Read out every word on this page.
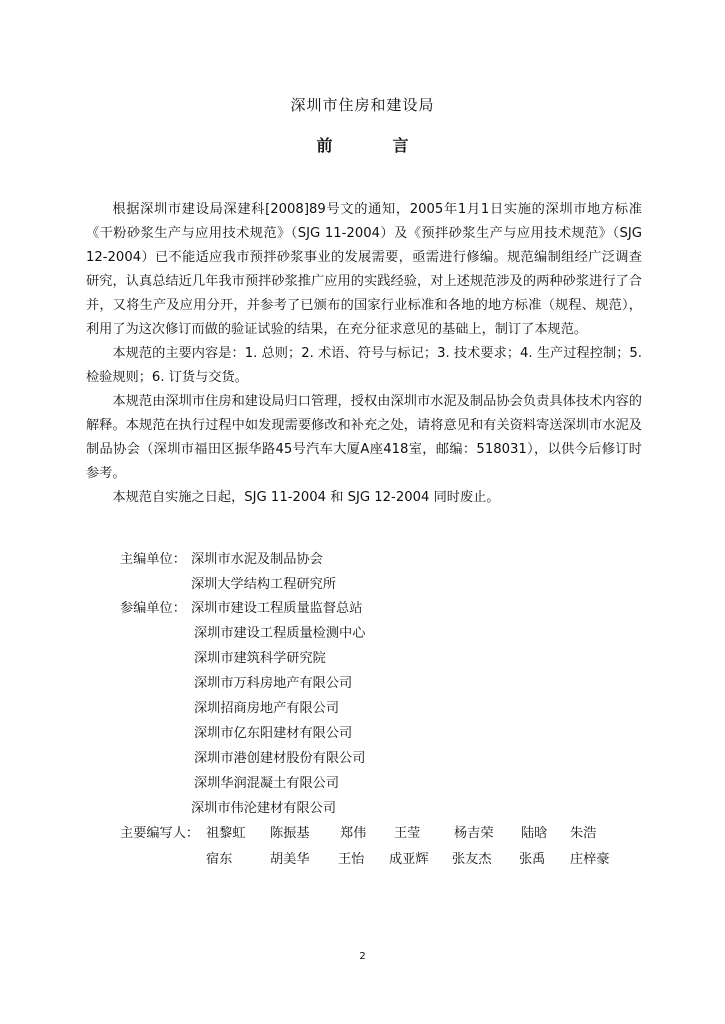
深圳市住房和建设局
前	言

根据深圳市建设局深建科[2008]89号文的通知，2005年1月1日实施的深圳市地方标准《干粉砂浆生产与应用技术规范》（SJG 11-2004）及《预拌砂浆生产与应用技术规范》（SJG 12-2004）已不能适应我市预拌砂浆事业的发展需要，亟需进行修编。规范编制组经广泛调查研究，认真总结近几年我市预拌砂浆推广应用的实践经验，对上述规范涉及的两种砂浆进行了合并，又将生产及应用分开，并参考了已颁布的国家行业标准和各地的地方标准（规程、规范），利用了为这次修订而做的验证试验的结果，在充分征求意见的基础上，制订了本规范。

本规范的主要内容是：1. 总则；2. 术语、符号与标记；3. 技术要求；4. 生产过程控制；5. 检验规则；6. 订货与交货。

本规范由深圳市住房和建设局归口管理，授权由深圳市水泥及制品协会负责具体技术内容的解释。本规范在执行过程中如发现需要修改和补充之处，请将意见和有关资料寄送深圳市水泥及制品协会（深圳市福田区振华路45号汽车大厦A座418室，邮编：518031），以供今后修订时参考。

本规范自实施之日起，SJG 11-2004 和 SJG 12-2004 同时废止。

主编单位： 深圳市水泥及制品协会
深圳大学结构工程研究所
参编单位： 深圳市建设工程质量监督总站
深圳市建设工程质量检测中心
深圳市建筑科学研究院
深圳市万科房地产有限公司
深圳招商房地产有限公司
深圳市亿东阳建材有限公司
深圳市港创建材股份有限公司
深圳华润混凝土有限公司
深圳市伟沦建材有限公司
主要编写人： 祖黎虹 陈振基 郑伟 王莹	杨吉荣 陆晗 朱浩
宿东	胡美华 王怡 成亚辉 张友杰 张禹 庄梓豪
2
